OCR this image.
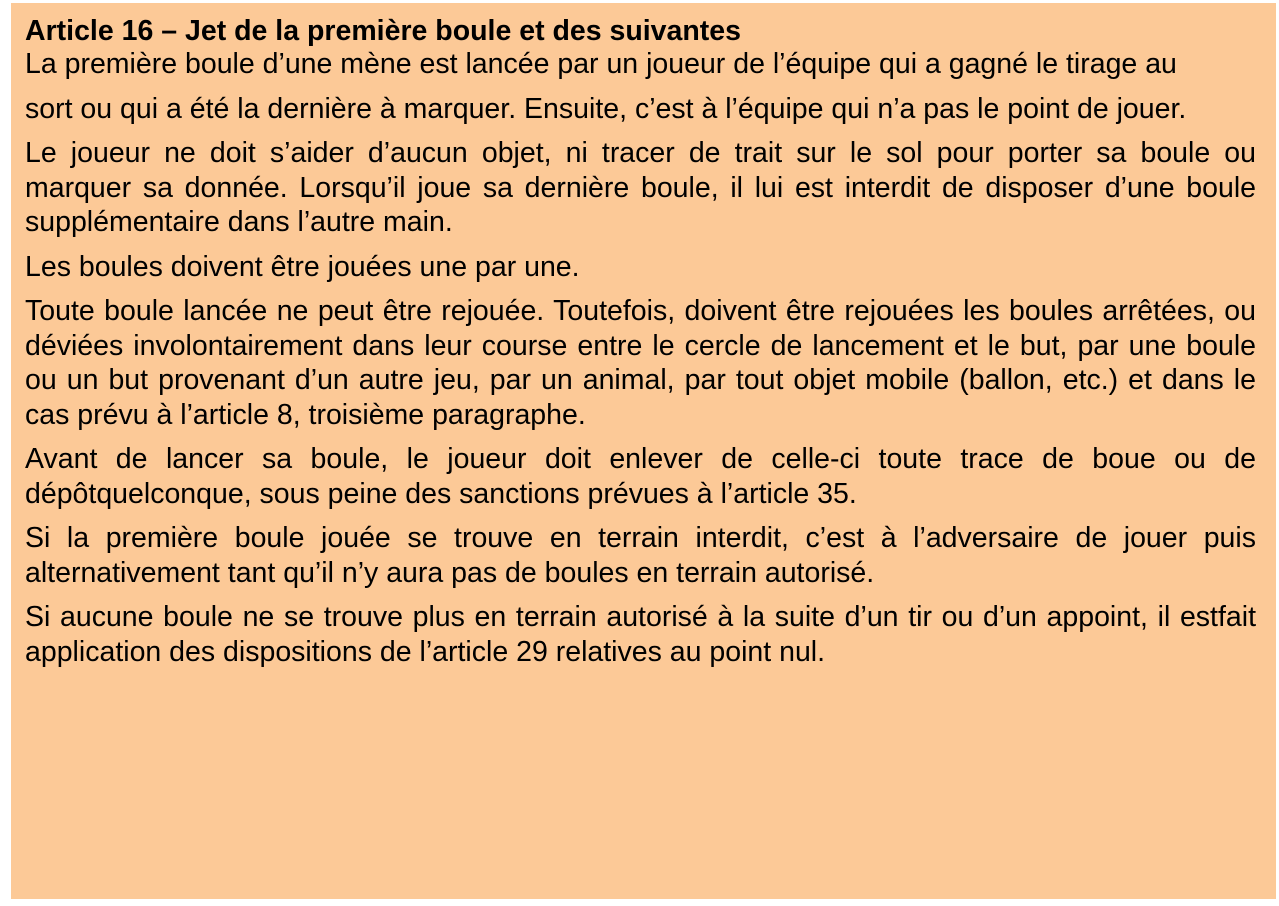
Article 16 – Jet de la première boule et des suivantes
La première boule d’une mène est lancée par un joueur de l’équipe qui a gagné le tirage au
sort ou qui a été la dernière à marquer. Ensuite, c’est à l’équipe qui n’a pas le point de jouer.
Le joueur ne doit s’aider d’aucun objet, ni tracer de trait sur le sol pour porter sa boule ou marquer sa donnée. Lorsqu’il joue sa dernière boule, il lui est interdit de disposer d’une boule supplémentaire dans l’autre main.
Les boules doivent être jouées une par une.
Toute boule lancée ne peut être rejouée. Toutefois, doivent être rejouées les boules arrêtées, ou déviées involontairement dans leur course entre le cercle de lancement et le but, par une boule ou un but provenant d’un autre jeu, par un animal, par tout objet mobile (ballon, etc.) et dans le cas prévu à l’article 8, troisième paragraphe.
Avant de lancer sa boule, le joueur doit enlever de celle-ci toute trace de boue ou de dépôtquelconque, sous peine des sanctions prévues à l’article 35.
Si la première boule jouée se trouve en terrain interdit, c’est à l’adversaire de jouer puis alternativement tant qu’il n’y aura pas de boules en terrain autorisé.
Si aucune boule ne se trouve plus en terrain autorisé à la suite d’un tir ou d’un appoint, il estfait application des dispositions de l’article 29 relatives au point nul.
